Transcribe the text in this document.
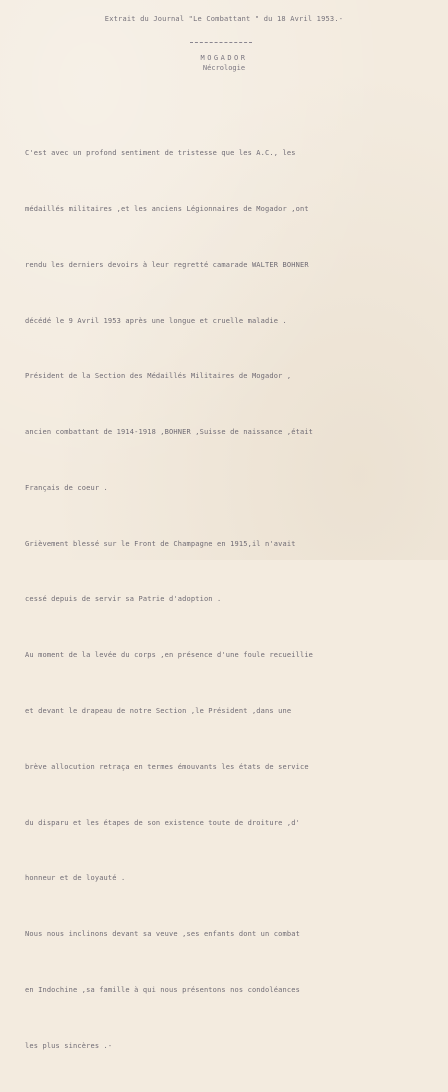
Extrait du Journal "Le Combattant " du 18 Avril 1953.-
MOGADOR
Nécrologie

C'est avec un profond sentiment de tristesse que les A.C., les

médaillés militaires ,et les anciens Légionnaires de Mogador ,ont

rendu les derniers devoirs à leur regretté camarade WALTER BOHNER

décédé le 9 Avril 1953 après une longue et cruelle maladie .

Président de la Section des Médaillés Militaires de Mogador ,

ancien combattant de 1914-1918 ,BOHNER ,Suisse de naissance ,était

Français de coeur .

Grièvement blessé sur le Front de Champagne en 1915,il n'avait

cessé depuis de servir sa Patrie d'adoption .

Au moment de la levée du corps ,en présence d'une foule recueillie

et devant le drapeau de notre Section ,le Président ,dans une

brève allocution retraça en termes émouvants les états de service

du disparu et les étapes de son existence toute de droiture ,d'

honneur et de loyauté .

Nous nous inclinons devant sa veuve ,ses enfants dont un combat

en Indochine ,sa famille à qui nous présentons nos condoléances

les plus sincères .-
